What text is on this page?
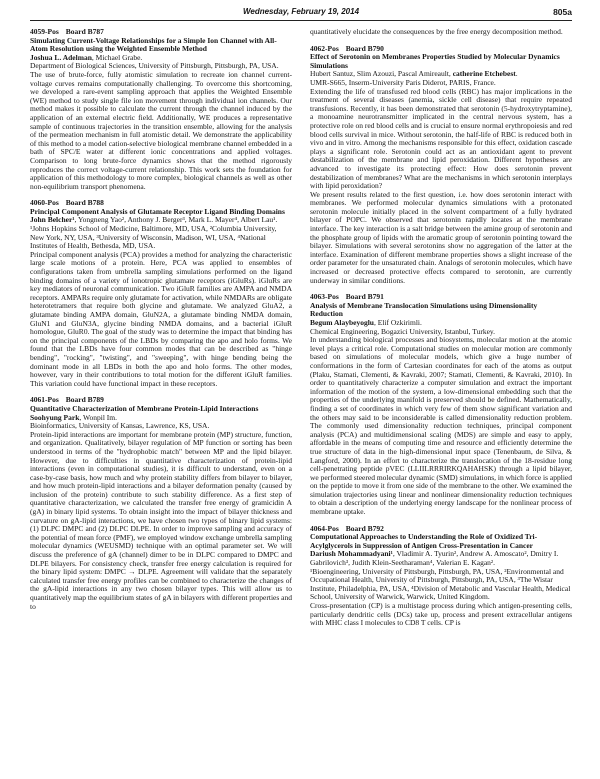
Wednesday, February 19, 2014	805a
4059-Pos Board B787
Simulating Current-Voltage Relationships for a Simple Ion Channel with All-Atom Resolution using the Weighted Ensemble Method
Joshua L. Adelman, Michael Grabe.
Department of Biological Sciences, University of Pittsburgh, Pittsburgh, PA, USA.

The use of brute-force, fully atomistic simulation to recreate ion channel current-voltage curves remains computationally challenging. To overcome this shortcoming, we developed a rare-event sampling approach that applies the Weighted Ensemble (WE) method to study single file ion movement through individual ion channels. Our method makes it possible to calculate the current through the channel induced by the application of an external electric field. Additionally, WE produces a representative sample of continuous trajectories in the transition ensemble, allowing for the analysis of the permeation mechanism in full atomistic detail. We demonstrate the applicability of this method to a model cation-selective biological membrane channel embedded in a bath of SPC/E water at different ionic concentrations and applied voltages. Comparison to long brute-force dynamics shows that the method rigorously reproduces the correct voltage-current relationship. This work sets the foundation for application of this methodology to more complex, biological channels as well as other non-equilibrium transport phenomena.

4060-Pos Board B788
Principal Component Analysis of Glutamate Receptor Ligand Binding Domains
John Belcher¹, Yongneng Yao², Anthony J. Berger³, Mark L. Mayer⁴, Albert Lau¹.
¹Johns Hopkins School of Medicine, Baltimore, MD, USA, ²Columbia University, New York, NY, USA, ³University of Wisconsin, Madison, WI, USA, ⁴National Institutes of Health, Bethesda, MD, USA.

Principal component analysis (PCA) provides a method for analyzing the characteristic large scale motions of a protein. Here, PCA was applied to ensembles of configurations taken from umbrella sampling simulations performed on the ligand binding domains of a variety of ionotropic glutamate receptors (iGluRs). iGluRs are key mediators of neuronal communication. Two iGluR families are AMPA and NMDA receptors. AMPARs require only glutamate for activation, while NMDARs are obligate heterotetramers that require both glycine and glutamate. We analyzed GluA2, a glutamate binding AMPA domain, GluN2A, a glutamate binding NMDA domain, GluN1 and GluN3A, glycine binding NMDA domains, and a bacterial iGluR homologue, GluR0. The goal of the study was to determine the impact that binding has on the principal components of the LBDs by comparing the apo and holo forms. We found that the LBDs have four common modes that can be described as "hinge bending", "rocking", "twisting", and "sweeping", with hinge bending being the dominant mode in all LBDs in both the apo and holo forms. The other modes, however, vary in their contributions to total motion for the different iGluR families. This variation could have functional impact in these receptors.

4061-Pos Board B789
Quantitative Characterization of Membrane Protein-Lipid Interactions
Soohyung Park, Wonpil Im.
Bioinformatics, University of Kansas, Lawrence, KS, USA.

Protein-lipid interactions are important for membrane protein (MP) structure, function, and organization. Qualitatively, bilayer regulation of MP function or sorting has been understood in terms of the "hydrophobic match" between MP and the lipid bilayer. However, due to difficulties in quantitative characterization of protein-lipid interactions (even in computational studies), it is difficult to understand, even on a case-by-case basis, how much and why protein stability differs from bilayer to bilayer, and how much protein-lipid interactions and a bilayer deformation penalty (caused by inclusion of the protein) contribute to such stability difference. As a first step of quantitative characterization, we calculated the transfer free energy of gramicidin A (gA) in binary lipid systems. To obtain insight into the impact of bilayer thickness and curvature on gA-lipid interactions, we have chosen two types of binary lipid systems: (1) DLPC DMPC and (2) DLPC DLPE. In order to improve sampling and accuracy of the potential of mean force (PMF), we employed window exchange umbrella sampling molecular dynamics (WEUSMD) technique with an optimal parameter set. We will discuss the preference of gA (channel) dimer to be in DLPC compared to DMPC and DLPE bilayers. For consistency check, transfer free energy calculation is required for the binary lipid system: DMPC → DLPE. Agreement will validate that the separately calculated transfer free energy profiles can be combined to characterize the changes of the gA-lipid interactions in any two chosen bilayer types. This will allow us to quantitatively map the equilibrium states of gA in bilayers with different properties and to

quantitatively elucidate the consequences by the free energy decomposition method.

4062-Pos Board B790
Effect of Serotonin on Membranes Properties Studied by Molecular Dynamics Simulations
Hubert Santuz, Slim Azouzi, Pascal Amireault, catherine Etchebest.
UMR-S665, Inserm-University Paris Diderot, PARIS, France.

Extending the life of transfused red blood cells (RBC) has major implications in the treatment of several diseases (anemia, sickle cell disease) that require repeated transfusions. Recently, it has been demonstrated that serotonin (5-hydroxytryptamine), a monoamine neurotransmitter implicated in the central nervous system, has a protective role on red blood cells and is crucial to ensure normal erythropoiesis and red blood cells survival in mice. Without serotonin, the half-life of RBC is reduced both in vivo and in vitro. Among the mechanisms responsible for this effect, oxidation cascade plays a significant role. Serotonin could act as an antioxidant agent to prevent destabilization of the membrane and lipid peroxidation. Different hypotheses are advanced to investigate its protecting effect: How does serotonin prevent destabilization of membranes? What are the mechanisms in which serotonin interplays with lipid peroxidation?

We present results related to the first question, i.e. how does serotonin interact with membranes. We performed molecular dynamics simulations with a protonated serotonin molecule initially placed in the solvent compartment of a fully hydrated bilayer of POPC. We observed that serotonin rapidly locates at the membrane interface. The key interaction is a salt bridge between the amine group of serotonin and the phosphate group of lipids with the aromatic group of serotonin pointing toward the bilayer. Simulations with several serotonins show no aggregation of the latter at the interface. Examination of different membrane properties shows a slight increase of the order parameter for the unsaturated chain. Analogs of serotonin molecules, which have increased or decreased protective effects compared to serotonin, are currently underway in similar conditions.

4063-Pos Board B791
Analysis of Membrane Translocation Simulations using Dimensionality Reduction
Begum Alaybeyoglu, Elif Ozkirimli.
Chemical Engineering, Bogazici University, Istanbul, Turkey.

In understanding biological processes and biosystems, molecular motion at the atomic level plays a critical role. Computational studies on molecular motion are commonly based on simulations of molecular models, which give a huge number of conformations in the form of Cartesian coordinates for each of the atoms as output (Plaku, Stamati, Clementi, & Kavraki, 2007; Stamati, Clementi, & Kavraki, 2010). In order to quantitatively characterize a computer simulation and extract the important information of the motion of the system, a low-dimensional embedding such that the properties of the underlying manifold is preserved should be defined. Mathematically, finding a set of coordinates in which very few of them show significant variation and the others may said to be inconsiderable is called dimensionality reduction problem. The commonly used dimensionality reduction techniques, principal component analysis (PCA) and multidimensional scaling (MDS) are simple and easy to apply, affordable in the means of computing time and resource and efficiently determine the true structure of data in the high-dimensional input space (Tenenbaum, de Silva, & Langford, 2000). In an effort to characterize the translocation of the 18-residue long cell-penetrating peptide pVEC (LLIILRRRIRKQAHAHSK) through a lipid bilayer, we performed steered molecular dynamic (SMD) simulations, in which force is applied on the peptide to move it from one side of the membrane to the other. We examined the simulation trajectories using linear and nonlinear dimensionality reduction techniques to obtain a description of the underlying energy landscape for the nonlinear process of membrane uptake.

4064-Pos Board B792
Computational Approaches to Understanding the Role of Oxidized Tri-Acylglycerols in Suppression of Antigen Cross-Presentation in Cancer
Dariush Mohammadyani¹, Vladimir A. Tyurin², Andrew A. Amoscato², Dmitry I. Gabrilovich³, Judith Klein-Seetharaman⁴, Valerian E. Kagan².
¹Bioengineering, University of Pittsburgh, Pittsburgh, PA, USA, ²Environmental and Occupational Health, University of Pittsburgh, Pittsburgh, PA, USA, ³The Wistar Institute, Philadelphia, PA, USA, ⁴Division of Metabolic and Vascular Health, Medical School, University of Warwick, Warwick, United Kingdom.

Cross-presentation (CP) is a multistage process during which antigen-presenting cells, particularly dendritic cells (DCs) take up, process and present extracellular antigens with MHC class I molecules to CD8 T cells. CP is
